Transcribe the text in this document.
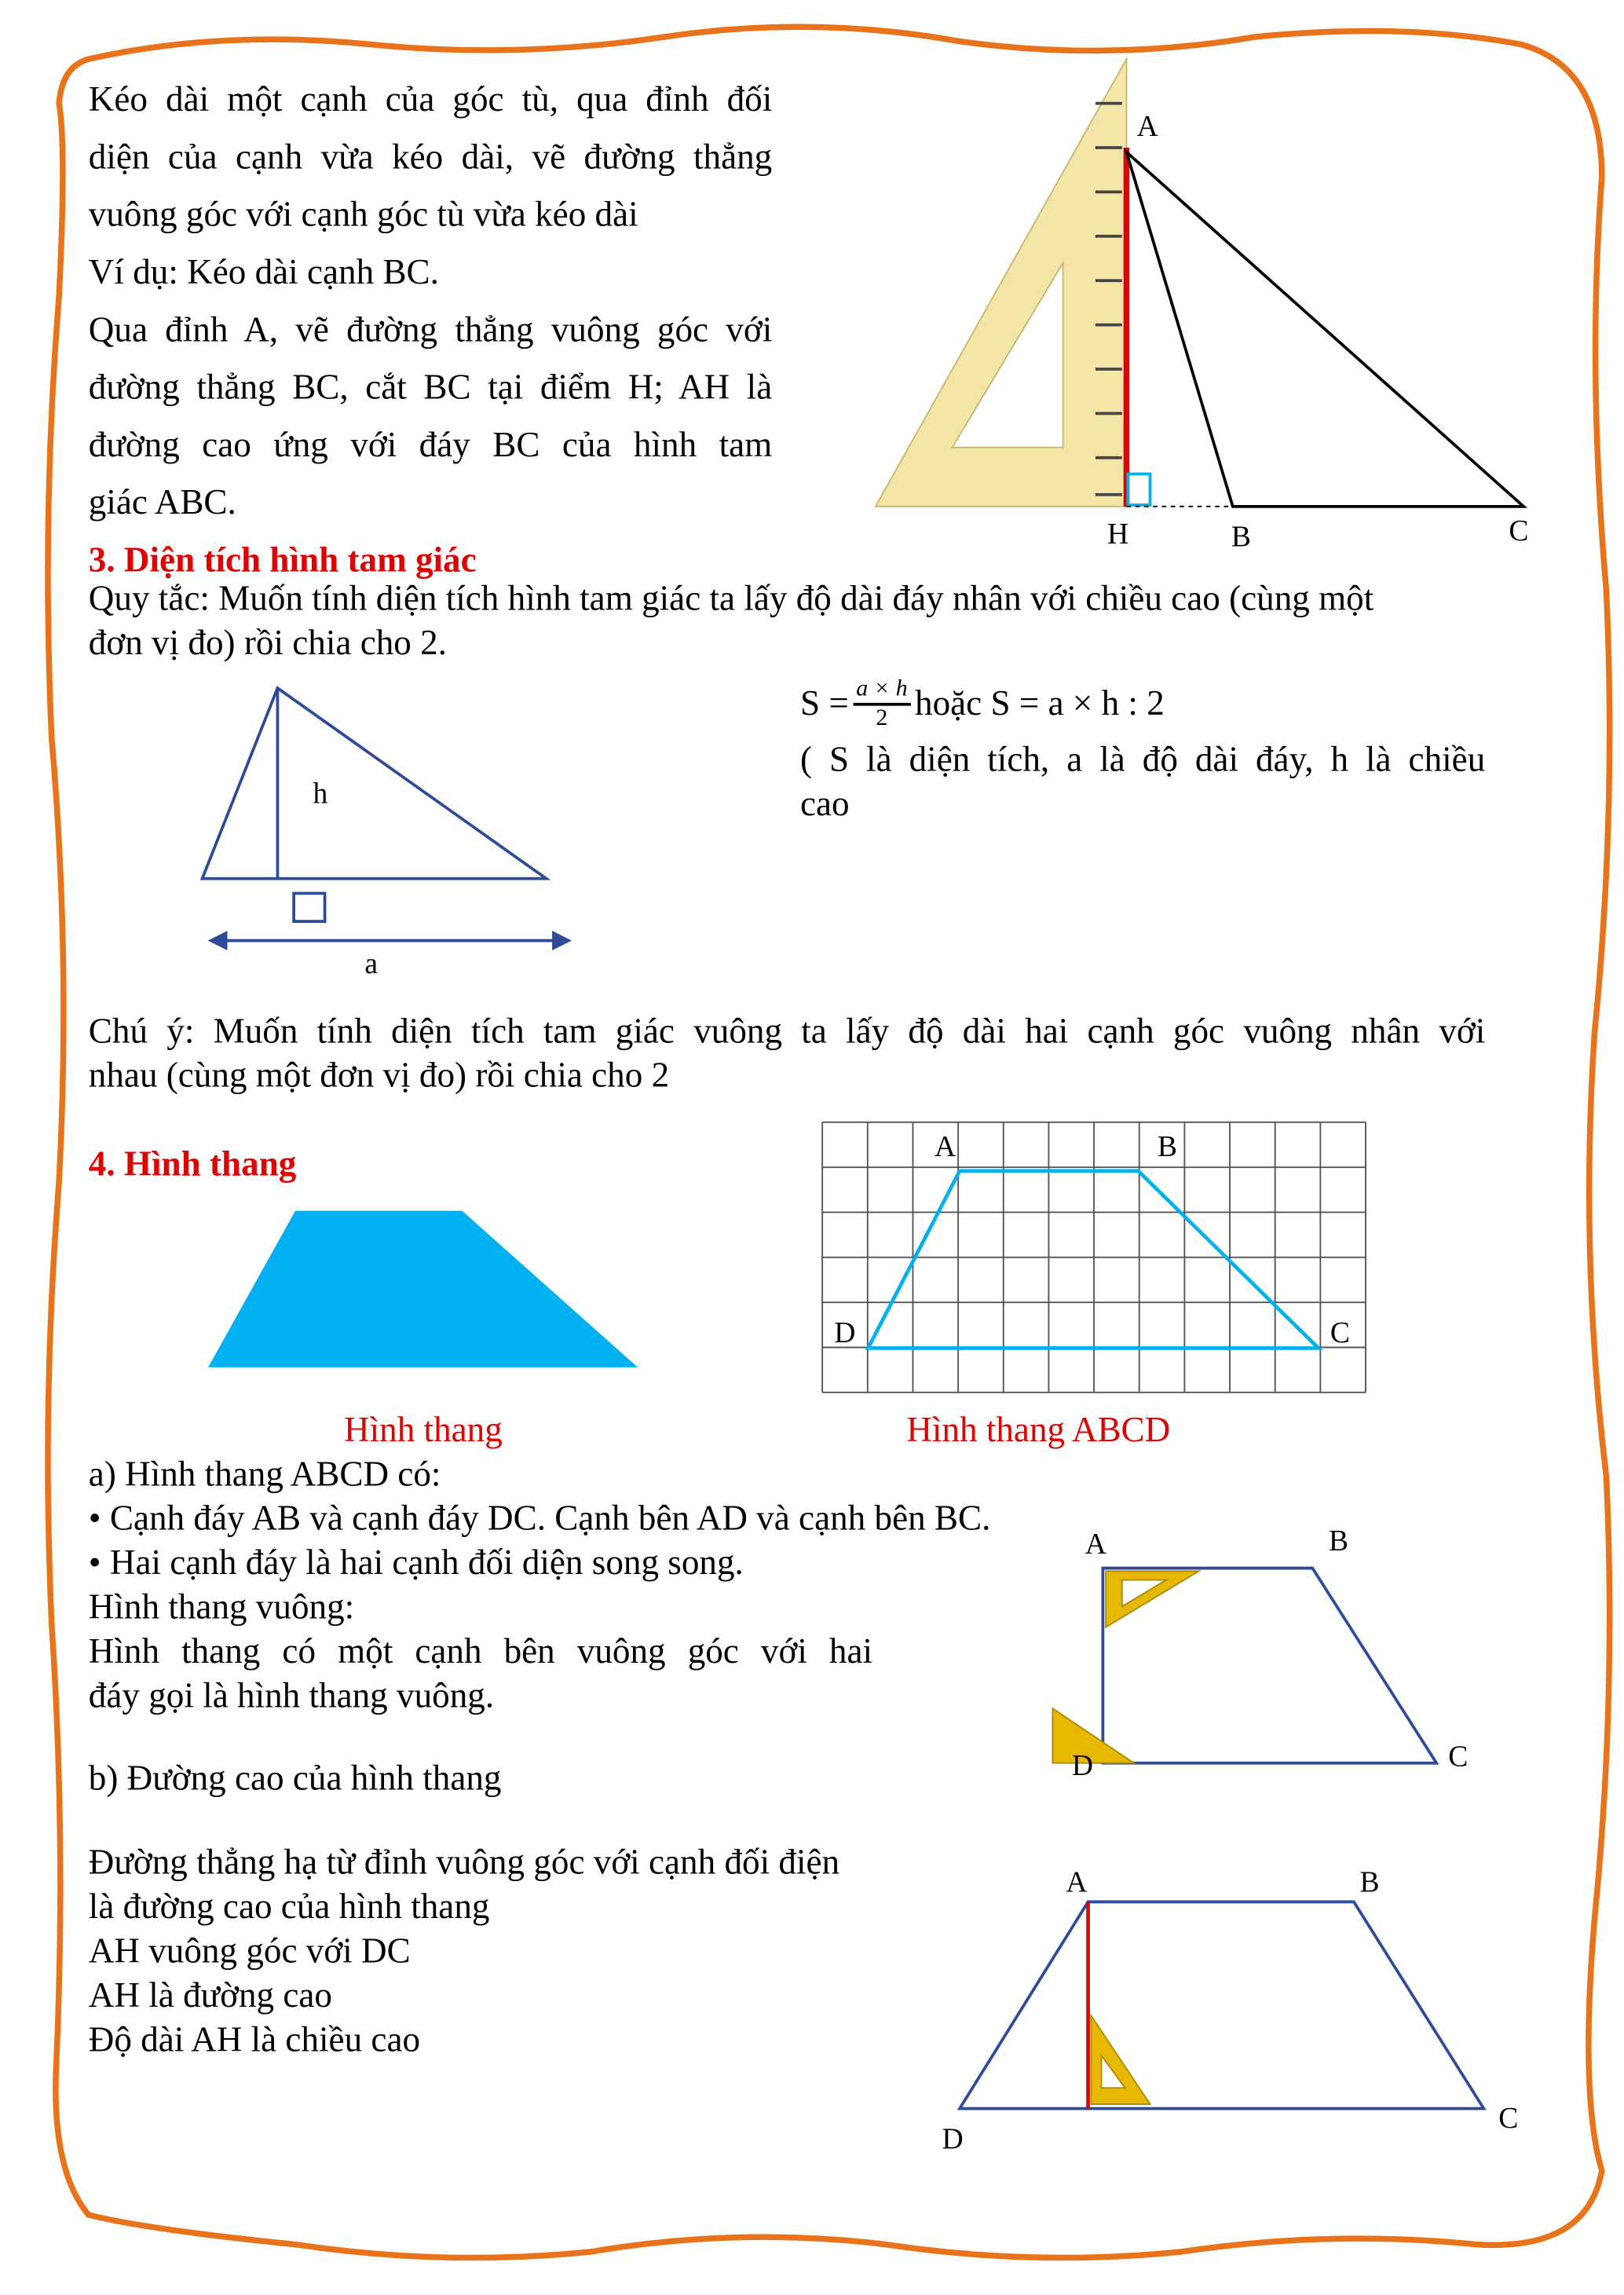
A
H	B	C
h
a
A	B
C
D
A	B
C
D
A	B
C
D
Kéo dài một cạnh của góc tù, qua đỉnh đối
diện của cạnh vừa kéo dài, vẽ đường thẳng
vuông góc với cạnh góc tù vừa kéo dài
Ví dụ: Kéo dài cạnh BC.
Qua đỉnh A, vẽ đường thẳng vuông góc với
đường thẳng BC, cắt BC tại điểm H; AH là
đường cao ứng với đáy BC của hình tam
giác ABC.
3. Diện tích hình tam giác
Quy tắc: Muốn tính diện tích hình tam giác ta lấy độ dài đáy nhân với chiều cao (cùng một
đơn vị đo) rồi chia cho 2.
$S = \frac{a \times h}{2}$ hoặc S = a × h : 2
( S là diện tích, a là độ dài đáy, h là chiều
cao
Chú ý: Muốn tính diện tích tam giác vuông ta lấy độ dài hai cạnh góc vuông nhân với
nhau (cùng một đơn vị đo) rồi chia cho 2
4. Hình thang
Hình thang	Hình thang ABCD
a) Hình thang ABCD có:
• Cạnh đáy AB và cạnh đáy DC. Cạnh bên AD và cạnh bên BC.
• Hai cạnh đáy là hai cạnh đối diện song song.
Hình thang vuông:
Hình thang có một cạnh bên vuông góc với hai
đáy gọi là hình thang vuông.
b) Đường cao của hình thang
Đường thẳng hạ từ đỉnh vuông góc với cạnh đối điện
là đường cao của hình thang
AH vuông góc với DC
AH là đường cao
Độ dài AH là chiều cao
